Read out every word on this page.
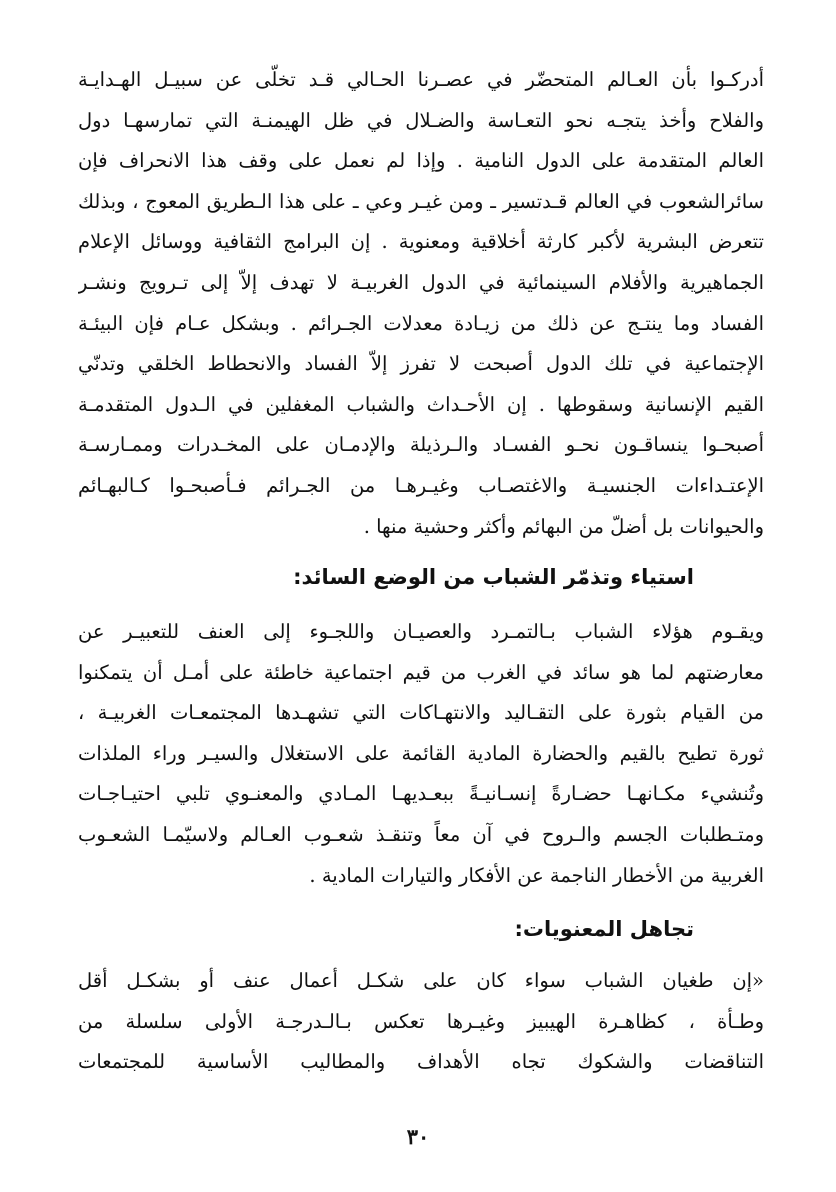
أدركـوا بأن العـالم المتحضّر في عصـرنا الحـالي قـد تخلّى عن سبيـل الهـدايـة
والفلاح وأخذ يتجـه نحو التعـاسة والضـلال في ظل الهيمنـة التي تمارسهـا دول
العالم المتقدمة على الدول النامية . وإذا لم نعمل على وقف هذا الانحراف فإن
سائرالشعوب في العالم قـدتسير ـ ومن غيـر وعي ـ على هذا الـطريق المعوج ، وبذلك
تتعرض البشرية لأكبر كارثة أخلاقية ومعنوية . إن البرامج الثقافية ووسائل الإعلام
الجماهيرية والأفلام السينمائية في الدول الغربيـة لا تهدف إلاّ إلى تـرويج ونشـر
الفساد وما ينتـج عن ذلك من زيـادة معدلات الجـرائم . وبشكل عـام فإن البيئـة
الإجتماعية في تلك الدول أصبحت لا تفرز إلاّ الفساد والانحطاط الخلقي وتدنّي
القيم الإنسانية وسقوطها . إن الأحـداث والشباب المغفلين في الـدول المتقدمـة
أصبحـوا ينساقـون نحـو الفسـاد والـرذيلة والإدمـان على المخـدرات وممـارسـة
الإعتـداءات الجنسيـة والاغتصـاب وغيـرهـا من الجـرائم فـأصبحـوا كـالبهـائم
والحيوانات بل أضلّ من البهائم وأكثر وحشية منها .
استياء وتذمّر الشباب من الوضع السائد:
ويقـوم هؤلاء الشباب بـالتمـرد والعصيـان واللجـوء إلى العنف للتعبيـر عن
معارضتهم لما هو سائد في الغرب من قيم اجتماعية خاطئة على أمـل أن يتمكنوا
من القيام بثورة على التقـاليد والانتهـاكات التي تشهـدها المجتمعـات الغربيـة ،
ثورة تطيح بالقيم والحضارة المادية القائمة على الاستغلال والسيـر وراء الملذات
وتُنشيء مكـانهـا حضـارةً إنسـانيـةً ببعـديهـا المـادي والمعنـوي تلبي احتيـاجـات
ومتـطلبات الجسم والـروح في آن معاً وتنقـذ شعـوب العـالم ولاسيّمـا الشعـوب
الغربية من الأخطار الناجمة عن الأفكار والتيارات المادية .
تجاهل المعنويات:
«إن طغيان الشباب سواء كان على شكـل أعمال عنف أو بشكـل أقل
وطـأة ، كظاهـرة الهيبيز وغيـرها تعكس بـالـدرجـة الأولى سلسلة من
التناقضات والشكوك تجاه الأهداف والمطاليب الأساسية للمجتمعات
٣٠
